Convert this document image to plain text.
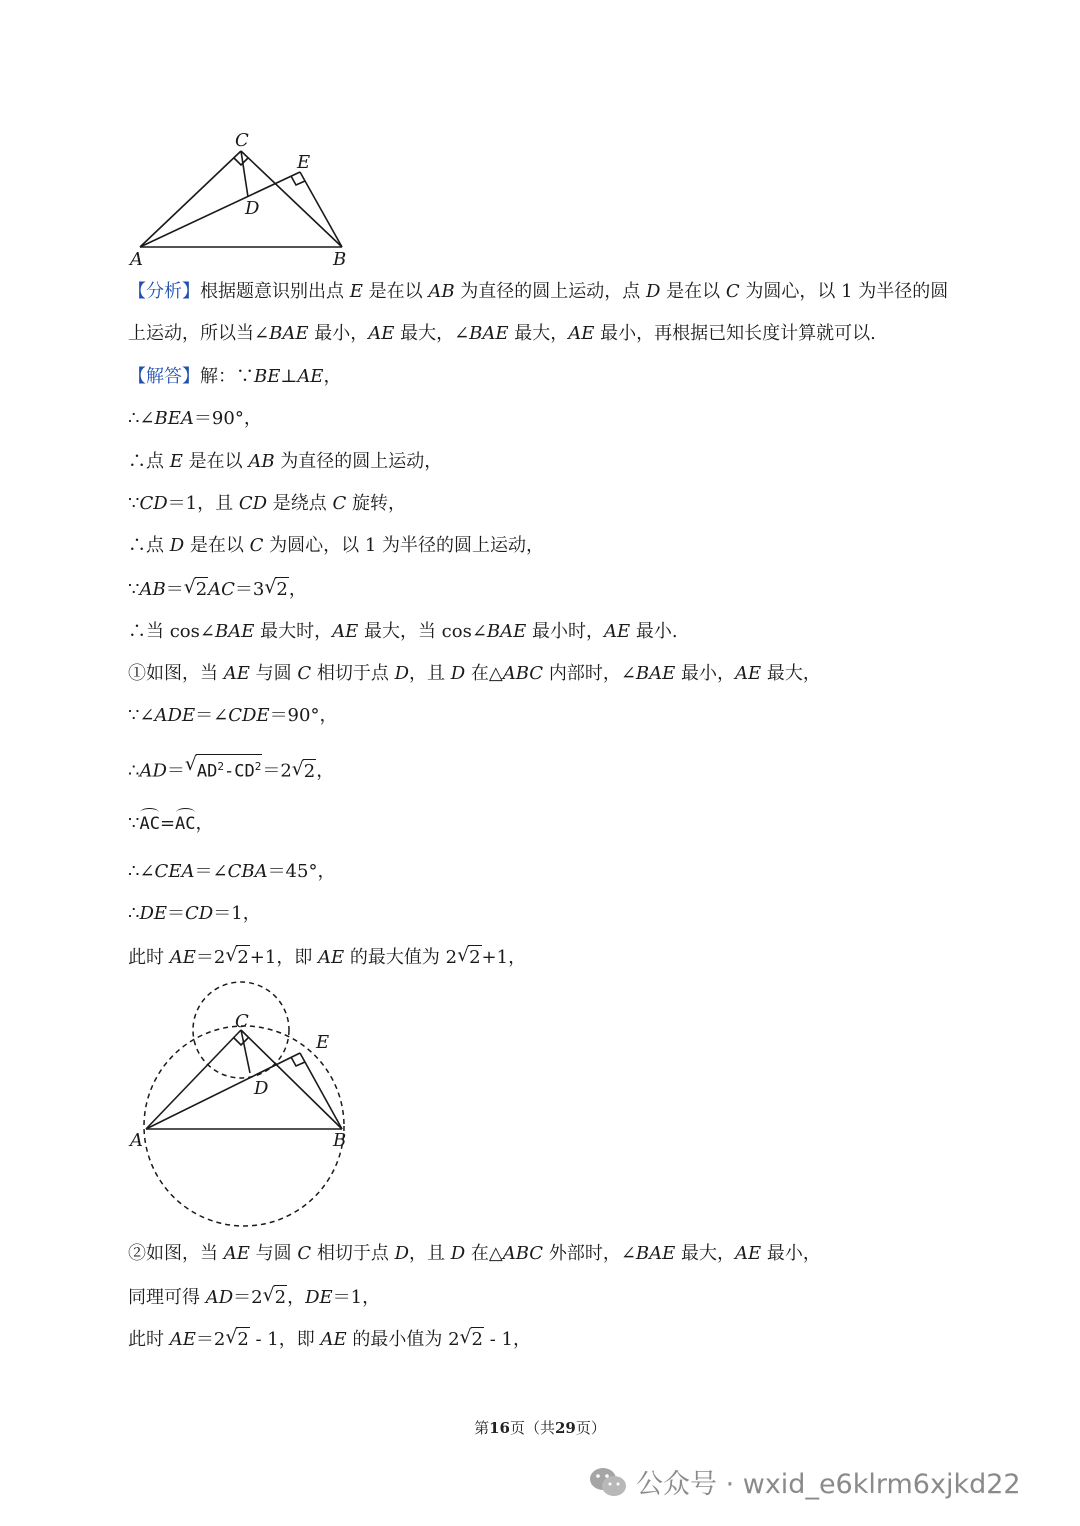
A	B
C
D
E
【分析】根据题意识别出点 E 是在以 AB 为直径的圆上运动，点 D 是在以 C 为圆心，以 1 为半径的圆
上运动，所以当∠BAE 最小，AE 最大，∠BAE 最大，AE 最小，再根据已知长度计算就可以.
【解答】解：∵BE⊥AE，
∴∠BEA＝90°，
∴点 E 是在以 AB 为直径的圆上运动，
∵CD＝1，且 CD 是绕点 C 旋转，
∴点 D 是在以 C 为圆心，以 1 为半径的圆上运动，
∵AB＝ √ 2AC＝3 √ 2，
∴当 cos∠BAE 最大时，AE 最大，当 cos∠BAE 最小时，AE 最小.
①如图，当 AE 与圆 C 相切于点 D，且 D 在△ABC 内部时，∠BAE 最小，AE 最大，
∵∠ADE＝∠CDE＝90°，
∴AD＝ √ $AD^2-CD^2=2$ √ 2，
∵AC=AC，
∴∠CEA＝∠CBA＝45°，
∴DE＝CD＝1，
此时 AE＝2 √ 2+1，即 AE 的最大值为 2 √ 2+1，
A	B
C
D
E
②如图，当 AE 与圆 C 相切于点 D，且 D 在△ABC 外部时，∠BAE 最大，AE 最小，
同理可得 AD＝2 √ 2，DE＝1，
此时 AE＝2 √ 2 - 1，即 AE 的最小值为 2 √ 2 - 1，
第16页（共29页）
公众号 · wxid_e6klrm6xjkd22
